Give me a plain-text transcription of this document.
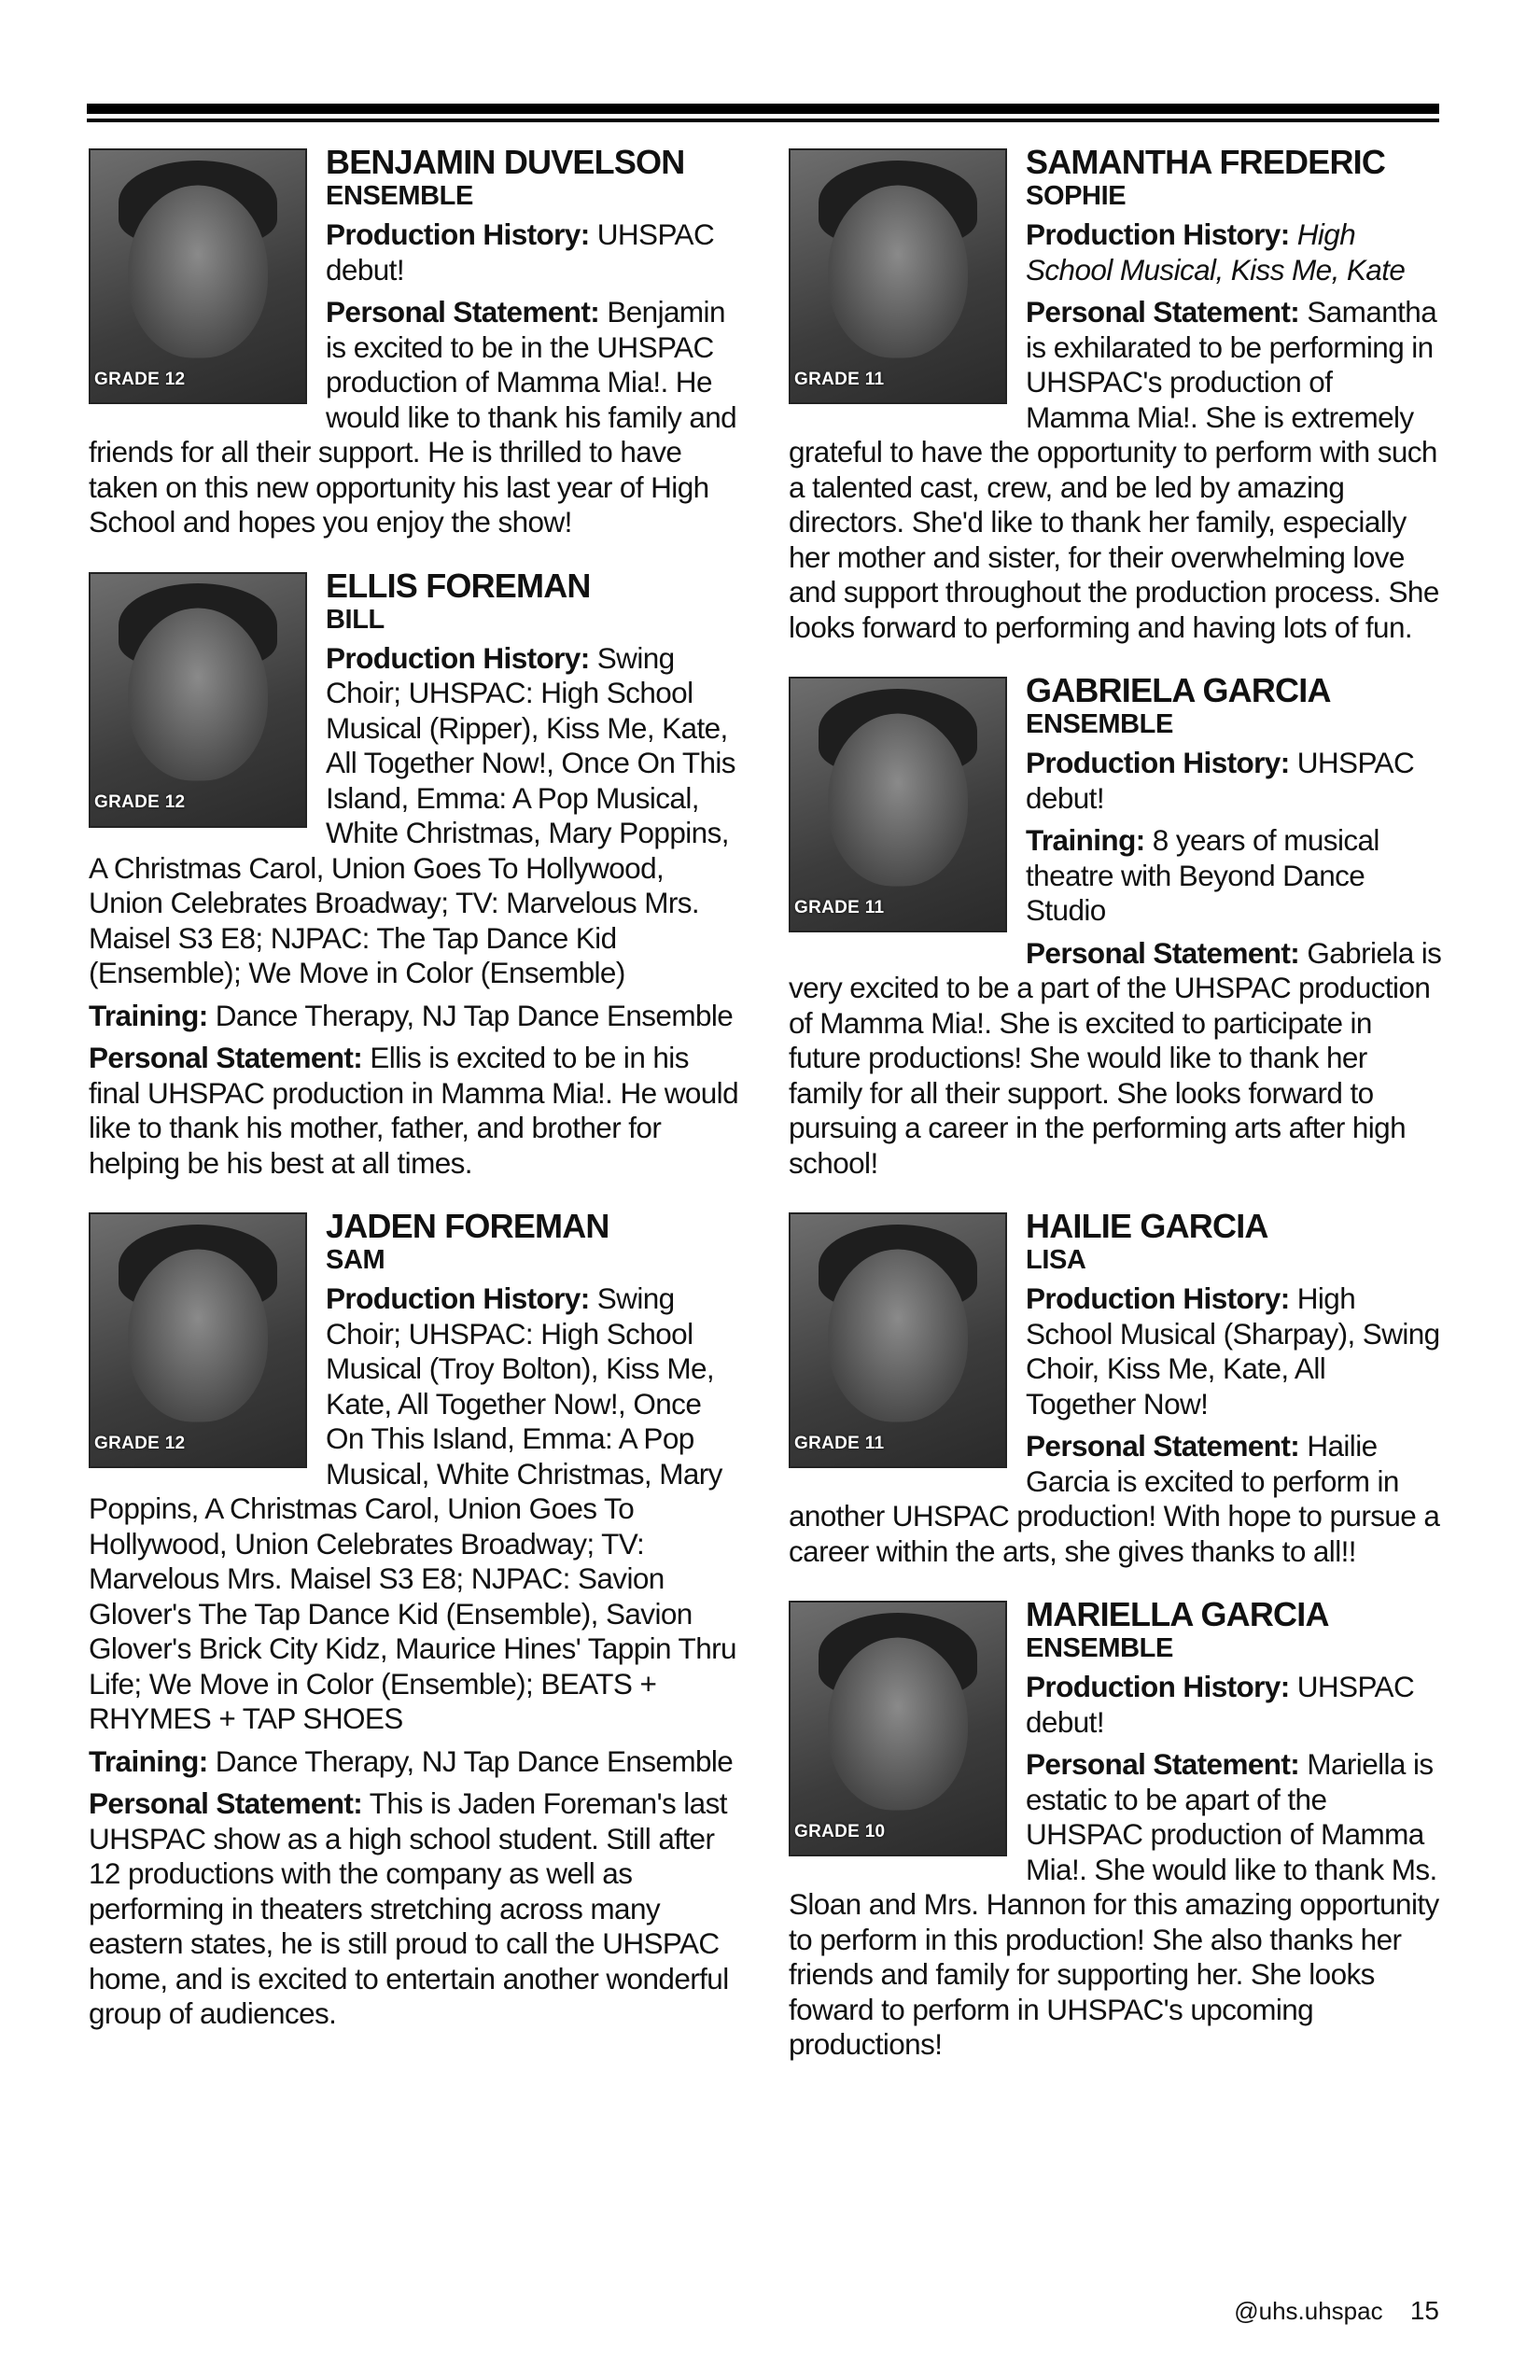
GRADE 12
BENJAMIN DUVELSON
ENSEMBLE

Production History: UHSPAC debut!

Personal Statement: Benjamin is excited to be in the UHSPAC production of Mamma Mia!. He would like to thank his family and friends for all their support. He is thrilled to have taken on this new opportunity his last year of High School and hopes you enjoy the show!

GRADE 12
ELLIS FOREMAN
BILL

Production History: Swing Choir; UHSPAC: High School Musical (Ripper), Kiss Me, Kate, All Together Now!, Once On This Island, Emma: A Pop Musical, White Christmas, Mary Poppins, A Christmas Carol, Union Goes To Hollywood, Union Celebrates Broadway; TV: Marvelous Mrs. Maisel S3 E8; NJPAC: The Tap Dance Kid (Ensemble); We Move in Color (Ensemble)

Training: Dance Therapy, NJ Tap Dance Ensemble

Personal Statement: Ellis is excited to be in his final UHSPAC production in Mamma Mia!. He would like to thank his mother, father, and brother for helping be his best at all times.

GRADE 12
JADEN FOREMAN
SAM

Production History: Swing Choir; UHSPAC: High School Musical (Troy Bolton), Kiss Me, Kate, All Together Now!, Once On This Island, Emma: A Pop Musical, White Christmas, Mary Poppins, A Christmas Carol, Union Goes To Hollywood, Union Celebrates Broadway; TV: Marvelous Mrs. Maisel S3 E8; NJPAC: Savion Glover's The Tap Dance Kid (Ensemble), Savion Glover's Brick City Kidz, Maurice Hines' Tappin Thru Life; We Move in Color (Ensemble); BEATS + RHYMES + TAP SHOES

Training: Dance Therapy, NJ Tap Dance Ensemble

Personal Statement: This is Jaden Foreman's last UHSPAC show as a high school student. Still after 12 productions with the company as well as performing in theaters stretching across many eastern states, he is still proud to call the UHSPAC home, and is excited to entertain another wonderful group of audiences.

GRADE 11
SAMANTHA FREDERIC
SOPHIE

Production History: High School Musical, Kiss Me, Kate

Personal Statement: Samantha is exhilarated to be performing in UHSPAC's production of Mamma Mia!. She is extremely grateful to have the opportunity to perform with such a talented cast, crew, and be led by amazing directors. She'd like to thank her family, especially her mother and sister, for their overwhelming love and support throughout the production process. She looks forward to performing and having lots of fun.

GRADE 11
GABRIELA GARCIA
ENSEMBLE

Production History: UHSPAC debut!

Training: 8 years of musical theatre with Beyond Dance Studio

Personal Statement: Gabriela is very excited to be a part of the UHSPAC production of Mamma Mia!. She is excited to participate in future productions! She would like to thank her family for all their support. She looks forward to pursuing a career in the performing arts after high school!

GRADE 11
HAILIE GARCIA
LISA

Production History: High School Musical (Sharpay), Swing Choir, Kiss Me, Kate, All Together Now!

Personal Statement: Hailie Garcia is excited to perform in another UHSPAC production! With hope to pursue a career within the arts, she gives thanks to all!!

GRADE 10
MARIELLA GARCIA
ENSEMBLE

Production History: UHSPAC debut!

Personal Statement: Mariella is estatic to be apart of the UHSPAC production of Mamma Mia!. She would like to thank Ms. Sloan and Mrs. Hannon for this amazing opportunity to perform in this production! She also thanks her friends and family for supporting her. She looks foward to perform in UHSPAC's upcoming productions!

@uhs.uhspac 15
